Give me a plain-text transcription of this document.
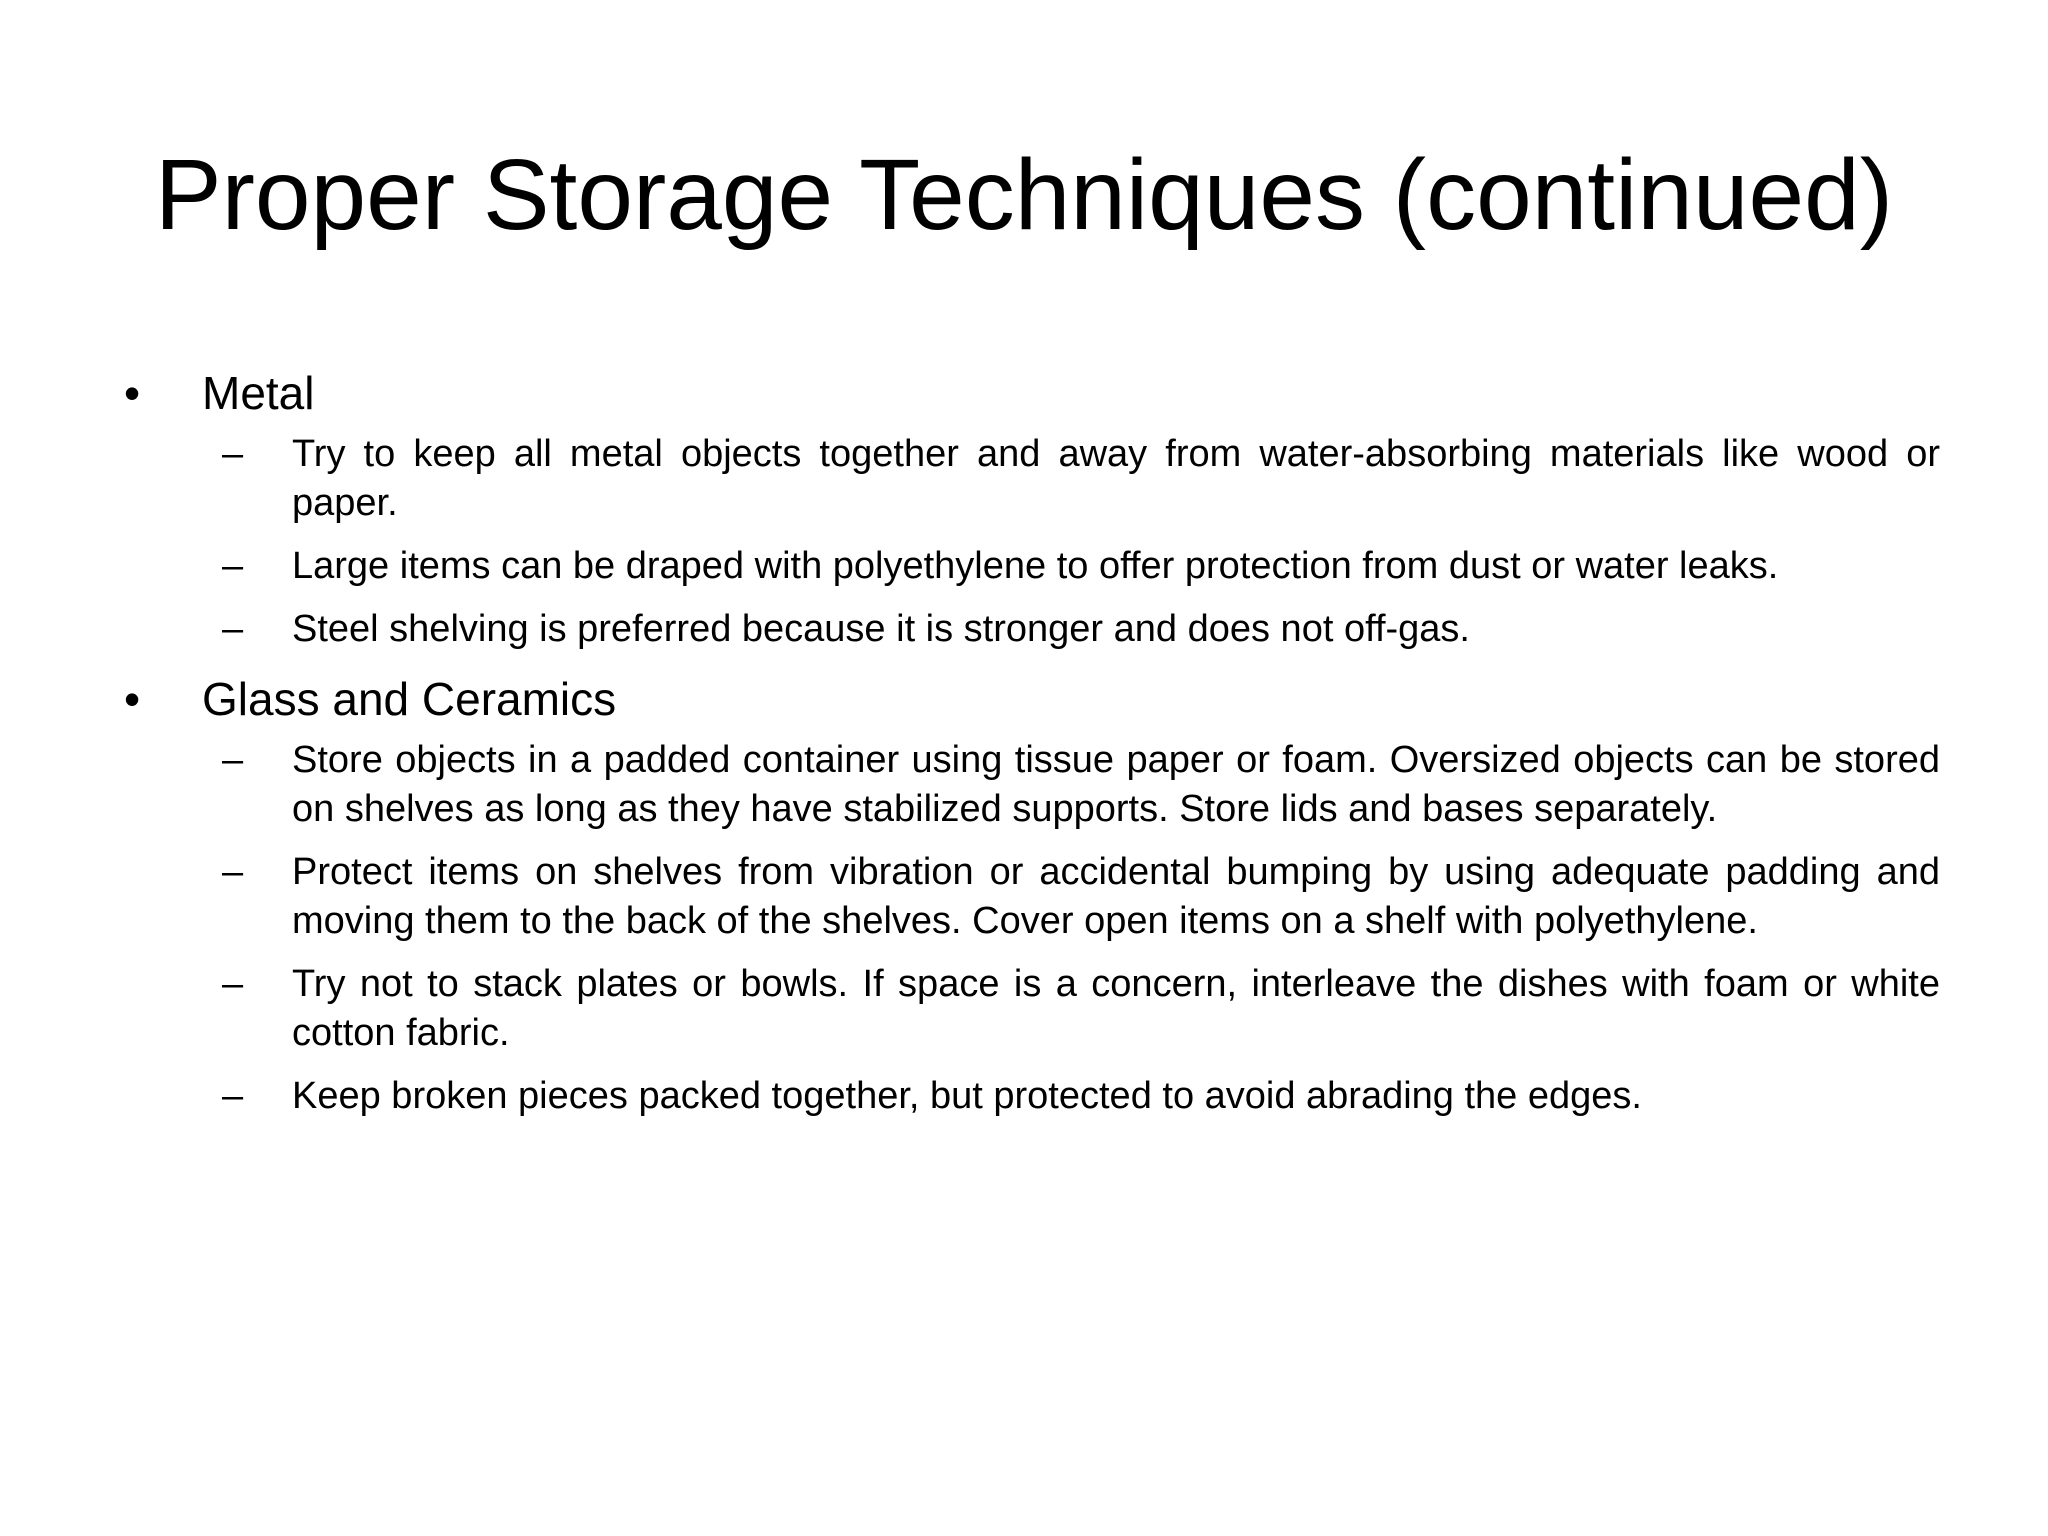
Proper Storage Techniques (continued)
• Metal
– Try to keep all metal objects together and away from water-absorbing materials like wood or paper.
– Large items can be draped with polyethylene to offer protection from dust or water leaks.
– Steel shelving is preferred because it is stronger and does not off-gas.
• Glass and Ceramics
– Store objects in a padded container using tissue paper or foam. Oversized objects can be stored on shelves as long as they have stabilized supports. Store lids and bases separately.
– Protect items on shelves from vibration or accidental bumping by using adequate padding and moving them to the back of the shelves. Cover open items on a shelf with polyethylene.
– Try not to stack plates or bowls. If space is a concern, interleave the dishes with foam or white cotton fabric.
– Keep broken pieces packed together, but protected to avoid abrading the edges.
